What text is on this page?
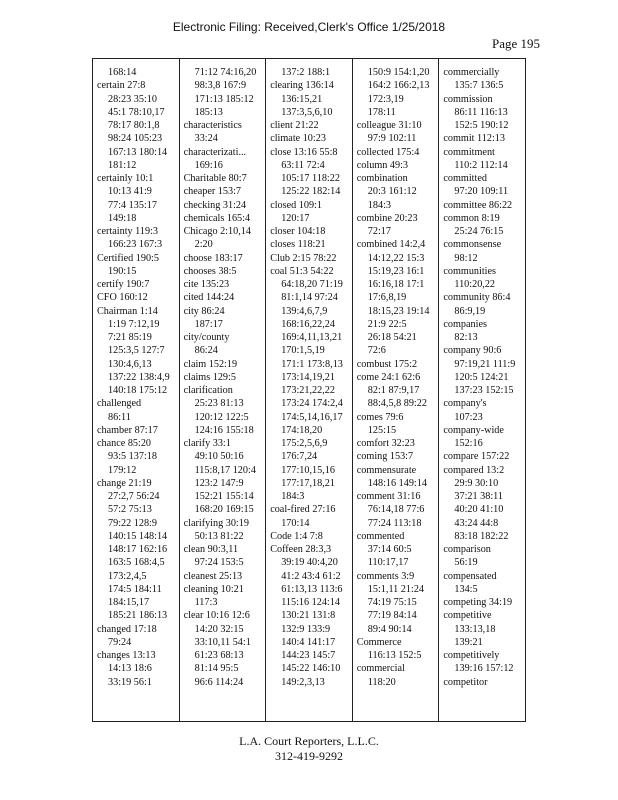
Electronic Filing: Received,Clerk's Office 1/25/2018
Page 195
168:14
certain 27:8
28:23 35:10
45:1 78:10,17
78:17 80:1,8
98:24 105:23
167:13 180:14
181:12
certainly 10:1
10:13 41:9
77:4 135:17
149:18
certainty 119:3
166:23 167:3
Certified 190:5
190:15
certify 190:7
CFO 160:12
Chairman 1:14
1:19 7:12,19
7:21 85:19
125:3,5 127:7
130:4,6,13
137:22 138:4,9
140:18 175:12
challenged
86:11
chamber 87:17
chance 85:20
93:5 137:18
179:12
change 21:19
27:2,7 56:24
57:2 75:13
79:22 128:9
140:15 148:14
148:17 162:16
163:5 168:4,5
173:2,4,5
174:5 184:11
184:15,17
185:21 186:13
changed 17:18
79:24
changes 13:13
14:13 18:6
33:19 56:1
71:12 74:16,20
98:3,8 167:9
171:13 185:12
185:13
characteristics
33:24
characterizati...
169:16
Charitable 80:7
cheaper 153:7
checking 31:24
chemicals 165:4
Chicago 2:10,14
2:20
choose 183:17
chooses 38:5
cite 135:23
cited 144:24
city 86:24
187:17
city/county
86:24
claim 152:19
claims 129:5
clarification
25:23 81:13
120:12 122:5
124:16 155:18
clarify 33:1
49:10 50:16
115:8,17 120:4
123:2 147:9
152:21 155:14
168:20 169:15
clarifying 30:19
50:13 81:22
clean 90:3,11
97:24 153:5
cleanest 25:13
cleaning 10:21
117:3
clear 10:16 12:6
14:20 32:15
33:10,11 54:1
61:23 68:13
81:14 95:5
96:6 114:24
137:2 188:1
clearing 136:14
136:15,21
137:3,5,6,10
client 21:22
climate 10:23
close 13:16 55:8
63:11 72:4
105:17 118:22
125:22 182:14
closed 109:1
120:17
closer 104:18
closes 118:21
Club 2:15 78:22
coal 51:3 54:22
64:18,20 71:19
81:1,14 97:24
139:4,6,7,9
168:16,22,24
169:4,11,13,21
170:1,5,19
171:1 173:8,13
173:14,19,21
173:21,22,22
173:24 174:2,4
174:5,14,16,17
174:18,20
175:2,5,6,9
176:7,24
177:10,15,16
177:17,18,21
184:3
coal-fired 27:16
170:14
Code 1:4 7:8
Coffeen 28:3,3
39:19 40:4,20
41:2 43:4 61:2
61:13,13 113:6
115:16 124:14
130:21 131:8
132:9 133:9
140:4 141:17
144:23 145:7
145:22 146:10
149:2,3,13
150:9 154:1,20
164:2 166:2,13
172:3,19
178:11
colleague 31:10
97:9 102:11
collected 175:4
column 49:3
combination
20:3 161:12
184:3
combine 20:23
72:17
combined 14:2,4
14:12,22 15:3
15:19,23 16:1
16:16,18 17:1
17:6,8,19
18:15,23 19:14
21:9 22:5
26:18 54:21
72:6
combust 175:2
come 24:1 62:6
82:1 87:9,17
88:4,5,8 89:22
comes 79:6
125:15
comfort 32:23
coming 153:7
commensurate
148:16 149:14
comment 31:16
76:14,18 77:6
77:24 113:18
commented
37:14 60:5
110:17,17
comments 3:9
15:1,11 21:24
74:19 75:15
77:19 84:14
89:4 90:14
Commerce
116:13 152:5
commercial
118:20
commercially
135:7 136:5
commission
86:11 116:13
152:5 190:12
commit 112:13
commitment
110:2 112:14
committed
97:20 109:11
committee 86:22
common 8:19
25:24 76:15
commonsense
98:12
communities
110:20,22
community 86:4
86:9,19
companies
82:13
company 90:6
97:19,21 111:9
120:5 124:21
137:23 152:15
company's
107:23
company-wide
152:16
compare 157:22
compared 13:2
29:9 30:10
37:21 38:11
40:20 41:10
43:24 44:8
83:18 182:22
comparison
56:19
compensated
134:5
competing 34:19
competitive
133:13,18
139:21
competitively
139:16 157:12
competitor
L.A. Court Reporters, L.L.C.
312-419-9292
